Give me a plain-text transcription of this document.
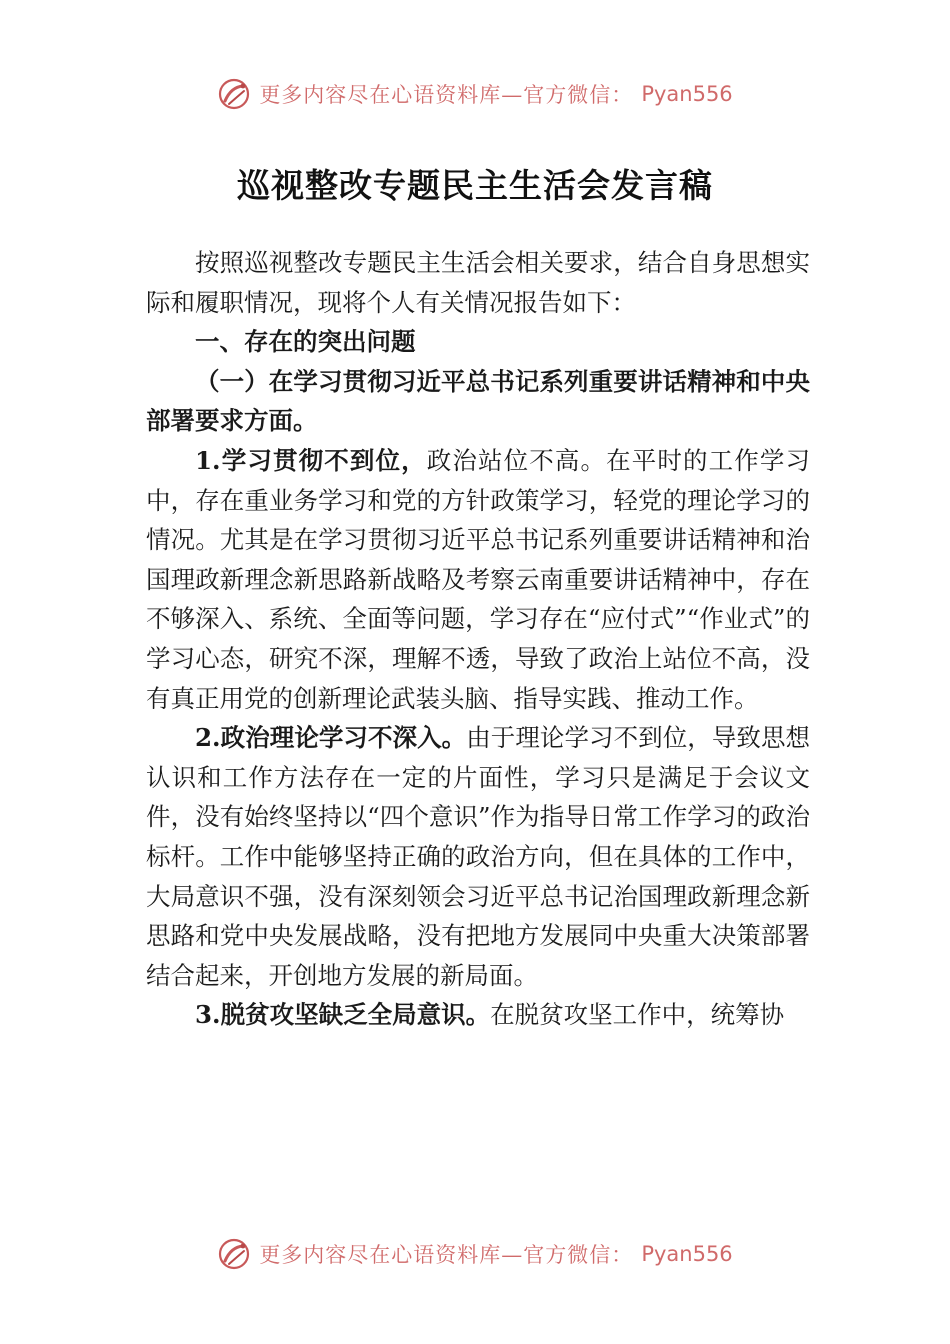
更多内容尽在心语资料库—官方微信： Pyan556
巡视整改专题民主生活会发言稿

按照巡视整改专题民主生活会相关要求，结合自身思想实际和履职情况，现将个人有关情况报告如下：

一、存在的突出问题

（一）在学习贯彻习近平总书记系列重要讲话精神和中央部署要求方面。

1.学习贯彻不到位，政治站位不高。在平时的工作学习中，存在重业务学习和党的方针政策学习，轻党的理论学习的情况。尤其是在学习贯彻习近平总书记系列重要讲话精神和治国理政新理念新思路新战略及考察云南重要讲话精神中，存在不够深入、系统、全面等问题，学习存在“应付式”“作业式”的学习心态，研究不深，理解不透，导致了政治上站位不高，没有真正用党的创新理论武装头脑、指导实践、推动工作。

2.政治理论学习不深入。由于理论学习不到位，导致思想认识和工作方法存在一定的片面性，学习只是满足于会议文件，没有始终坚持以“四个意识”作为指导日常工作学习的政治标杆。工作中能够坚持正确的政治方向，但在具体的工作中，大局意识不强，没有深刻领会习近平总书记治国理政新理念新思路和党中央发展战略，没有把地方发展同中央重大决策部署结合起来，开创地方发展的新局面。

3.脱贫攻坚缺乏全局意识。在脱贫攻坚工作中，统筹协

更多内容尽在心语资料库—官方微信： Pyan556
